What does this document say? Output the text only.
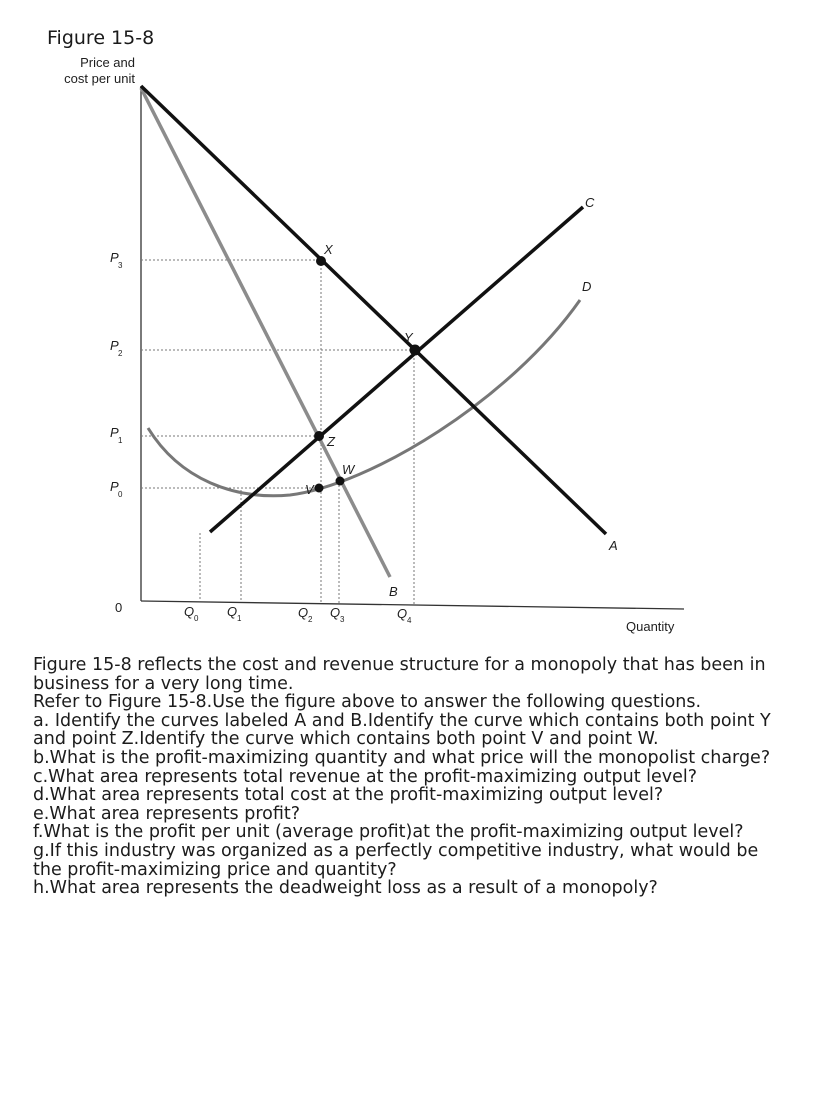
Figure 15-8
Price and
cost per unit
X
Y
Z
V
W
A
B
C
D
P
3
P
2
P
1
P
0
0	Q 0 Q 1	Q 2 Q 3	Q 4	Quantity

Figure 15-8 reflects the cost and revenue structure for a monopoly that has been in business for a very long time.

Refer to Figure 15-8.Use the figure above to answer the following questions.

a. Identify the curves labeled A and B.Identify the curve which contains both point Y and point Z.Identify the curve which contains both point V and point W.

b.What is the profit-maximizing quantity and what price will the monopolist charge?

c.What area represents total revenue at the profit-maximizing output level?

d.What area represents total cost at the profit-maximizing output level?

e.What area represents profit?

f.What is the profit per unit (average profit)at the profit-maximizing output level?

g.If this industry was organized as a perfectly competitive industry, what would be the profit-maximizing price and quantity?

h.What area represents the deadweight loss as a result of a monopoly?
